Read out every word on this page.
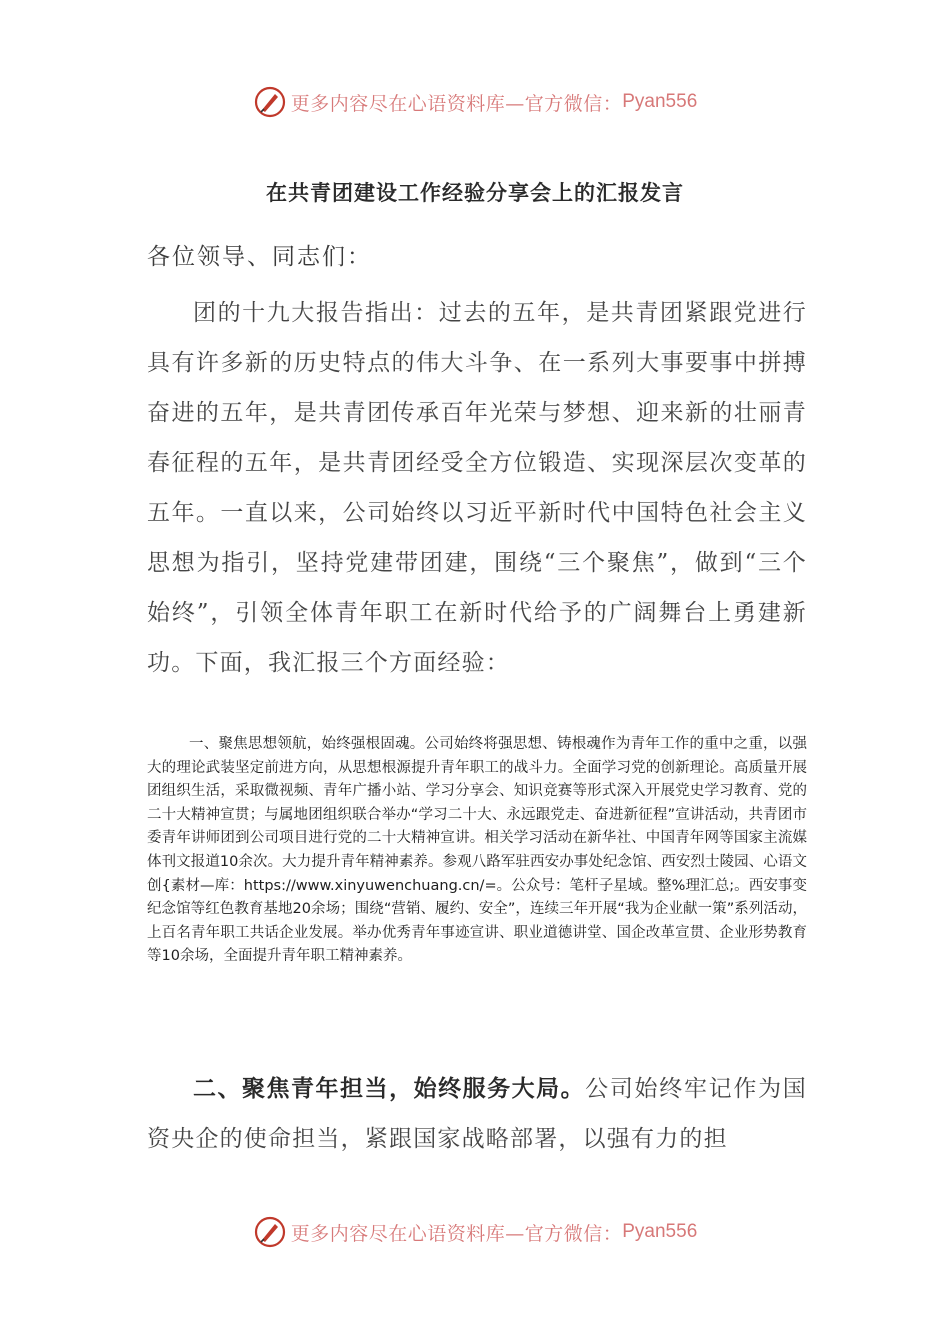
更多内容尽在心语资料库—官方微信： Pyan556
在共青团建设工作经验分享会上的汇报发言
各位领导、同志们：
团的十九大报告指出：过去的五年，是共青团紧跟党进行具有许多新的历史特点的伟大斗争、在一系列大事要事中拼搏奋进的五年，是共青团传承百年光荣与梦想、迎来新的壮丽青春征程的五年，是共青团经受全方位锻造、实现深层次变革的五年。一直以来，公司始终以习近平新时代中国特色社会主义思想为指引，坚持党建带团建，围绕“三个聚焦”，做到“三个始终”，引领全体青年职工在新时代给予的广阔舞台上勇建新功。下面，我汇报三个方面经验：
一、聚焦思想领航，始终强根固魂。公司始终将强思想、铸根魂作为青年工作的重中之重，以强大的理论武装坚定前进方向，从思想根源提升青年职工的战斗力。全面学习党的创新理论。高质量开展团组织生活，采取微视频、青年广播小站、学习分享会、知识竞赛等形式深入开展党史学习教育、党的二十大精神宣贯；与属地团组织联合举办“学习二十大、永远跟党走、奋进新征程”宣讲活动，共青团市委青年讲师团到公司项目进行党的二十大精神宣讲。相关学习活动在新华社、中国青年网等国家主流媒体刊文报道10余次。大力提升青年精神素养。参观八路军驻西安办事处纪念馆、西安烈士陵园、心语文创{素材—库：https://www.xinyuwenchuang.cn/=。公众号：笔杆子星域。整%理汇总;。西安事变纪念馆等红色教育基地20余场；围绕“营销、履约、安全”，连续三年开展“我为企业献一策”系列活动，上百名青年职工共话企业发展。举办优秀青年事迹宣讲、职业道德讲堂、国企改革宣贯、企业形势教育等10余场，全面提升青年职工精神素养。
二、聚焦青年担当，始终服务大局。公司始终牢记作为国资央企的使命担当，紧跟国家战略部署，以强有力的担
更多内容尽在心语资料库—官方微信： Pyan556
